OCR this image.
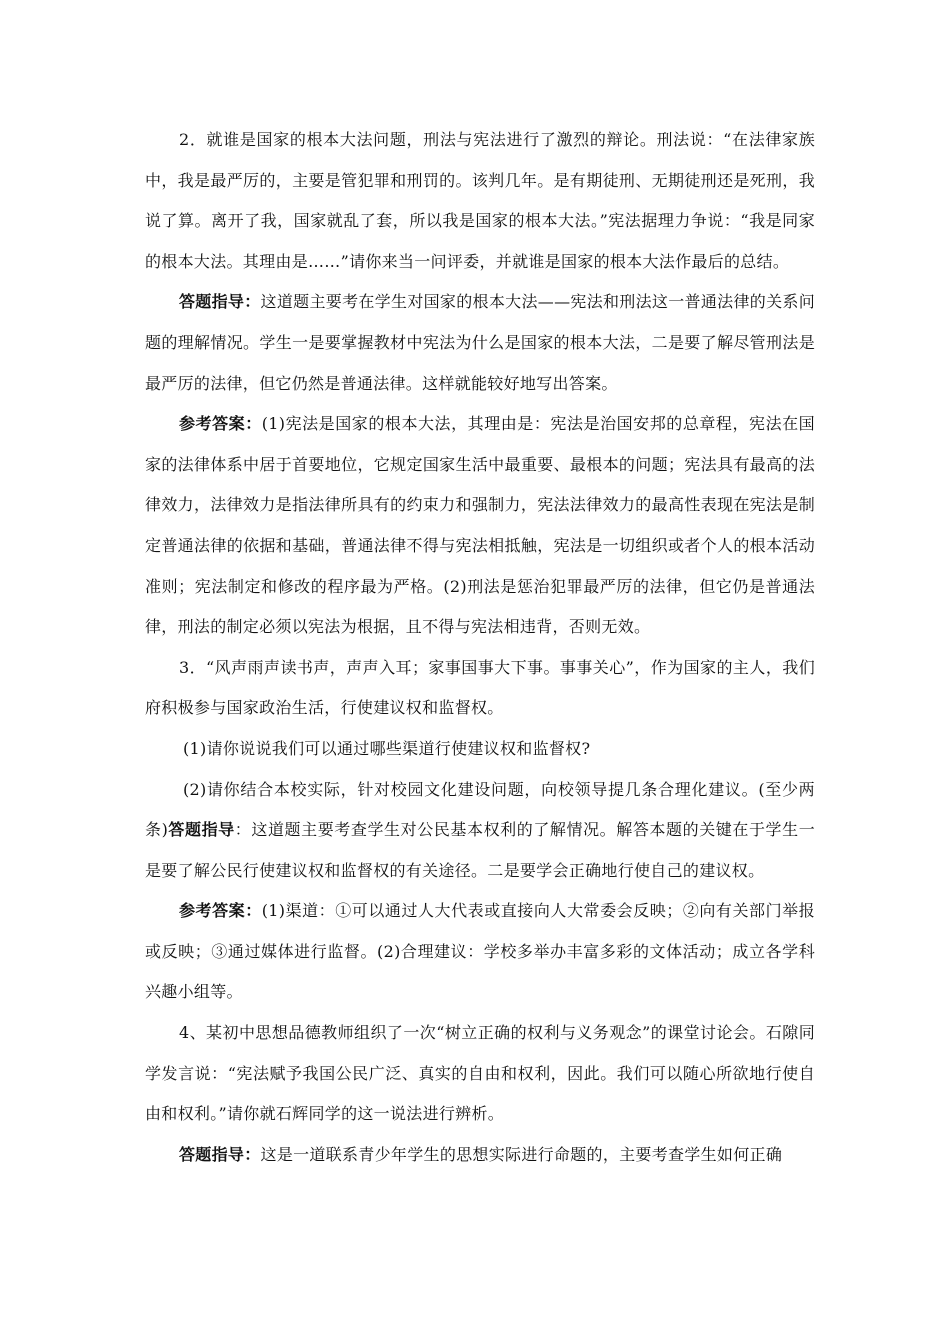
2．就谁是国家的根本大法问题，刑法与宪法进行了激烈的辩论。刑法说：“在法律家族中，我是最严厉的，主要是管犯罪和刑罚的。该判几年。是有期徒刑、无期徒刑还是死刑，我说了算。离开了我，国家就乱了套，所以我是国家的根本大法。”宪法据理力争说：“我是同家的根本大法。其理由是……”请你来当一问评委，并就谁是国家的根本大法作最后的总结。

答题指导：这道题主要考在学生对国家的根本大法——宪法和刑法这一普通法律的关系问题的理解情况。学生一是要掌握教材中宪法为什么是国家的根本大法，二是要了解尽管刑法是最严厉的法律，但它仍然是普通法律。这样就能较好地写出答案。

参考答案：(1)宪法是国家的根本大法，其理由是：宪法是治国安邦的总章程，宪法在国家的法律体系中居于首要地位，它规定国家生活中最重要、最根本的问题；宪法具有最高的法律效力，法律效力是指法律所具有的约束力和强制力，宪法法律效力的最高性表现在宪法是制定普通法律的依据和基础，普通法律不得与宪法相抵触，宪法是一切组织或者个人的根本活动准则；宪法制定和修改的程序最为严格。(2)刑法是惩治犯罪最严厉的法律，但它仍是普通法律，刑法的制定必须以宪法为根据，且不得与宪法相违背，否则无效。

3．“风声雨声读书声，声声入耳；家事国事大下事。事事关心”，作为国家的主人，我们府积极参与国家政治生活，行使建议权和监督权。

(1)请你说说我们可以通过哪些渠道行使建议权和监督权?

(2)请你结合本校实际，针对校园文化建设问题，向校领导提几条合理化建议。(至少两条)答题指导：这道题主要考查学生对公民基本权利的了解情况。解答本题的关键在于学生一是要了解公民行使建议权和监督权的有关途径。二是要学会正确地行使自己的建议权。

参考答案：(1)渠道：①可以通过人大代表或直接向人大常委会反映；②向有关部门举报或反映；③通过媒体进行监督。(2)合理建议：学校多举办丰富多彩的文体活动；成立各学科兴趣小组等。

4、某初中思想品德教师组织了一次“树立正确的权利与义务观念”的课堂讨论会。石隙同学发言说：“宪法赋予我国公民广泛、真实的自由和权利，因此。我们可以随心所欲地行使自由和权利。”请你就石辉同学的这一说法进行辨析。

答题指导：这是一道联系青少年学生的思想实际进行命题的，主要考查学生如何正确
